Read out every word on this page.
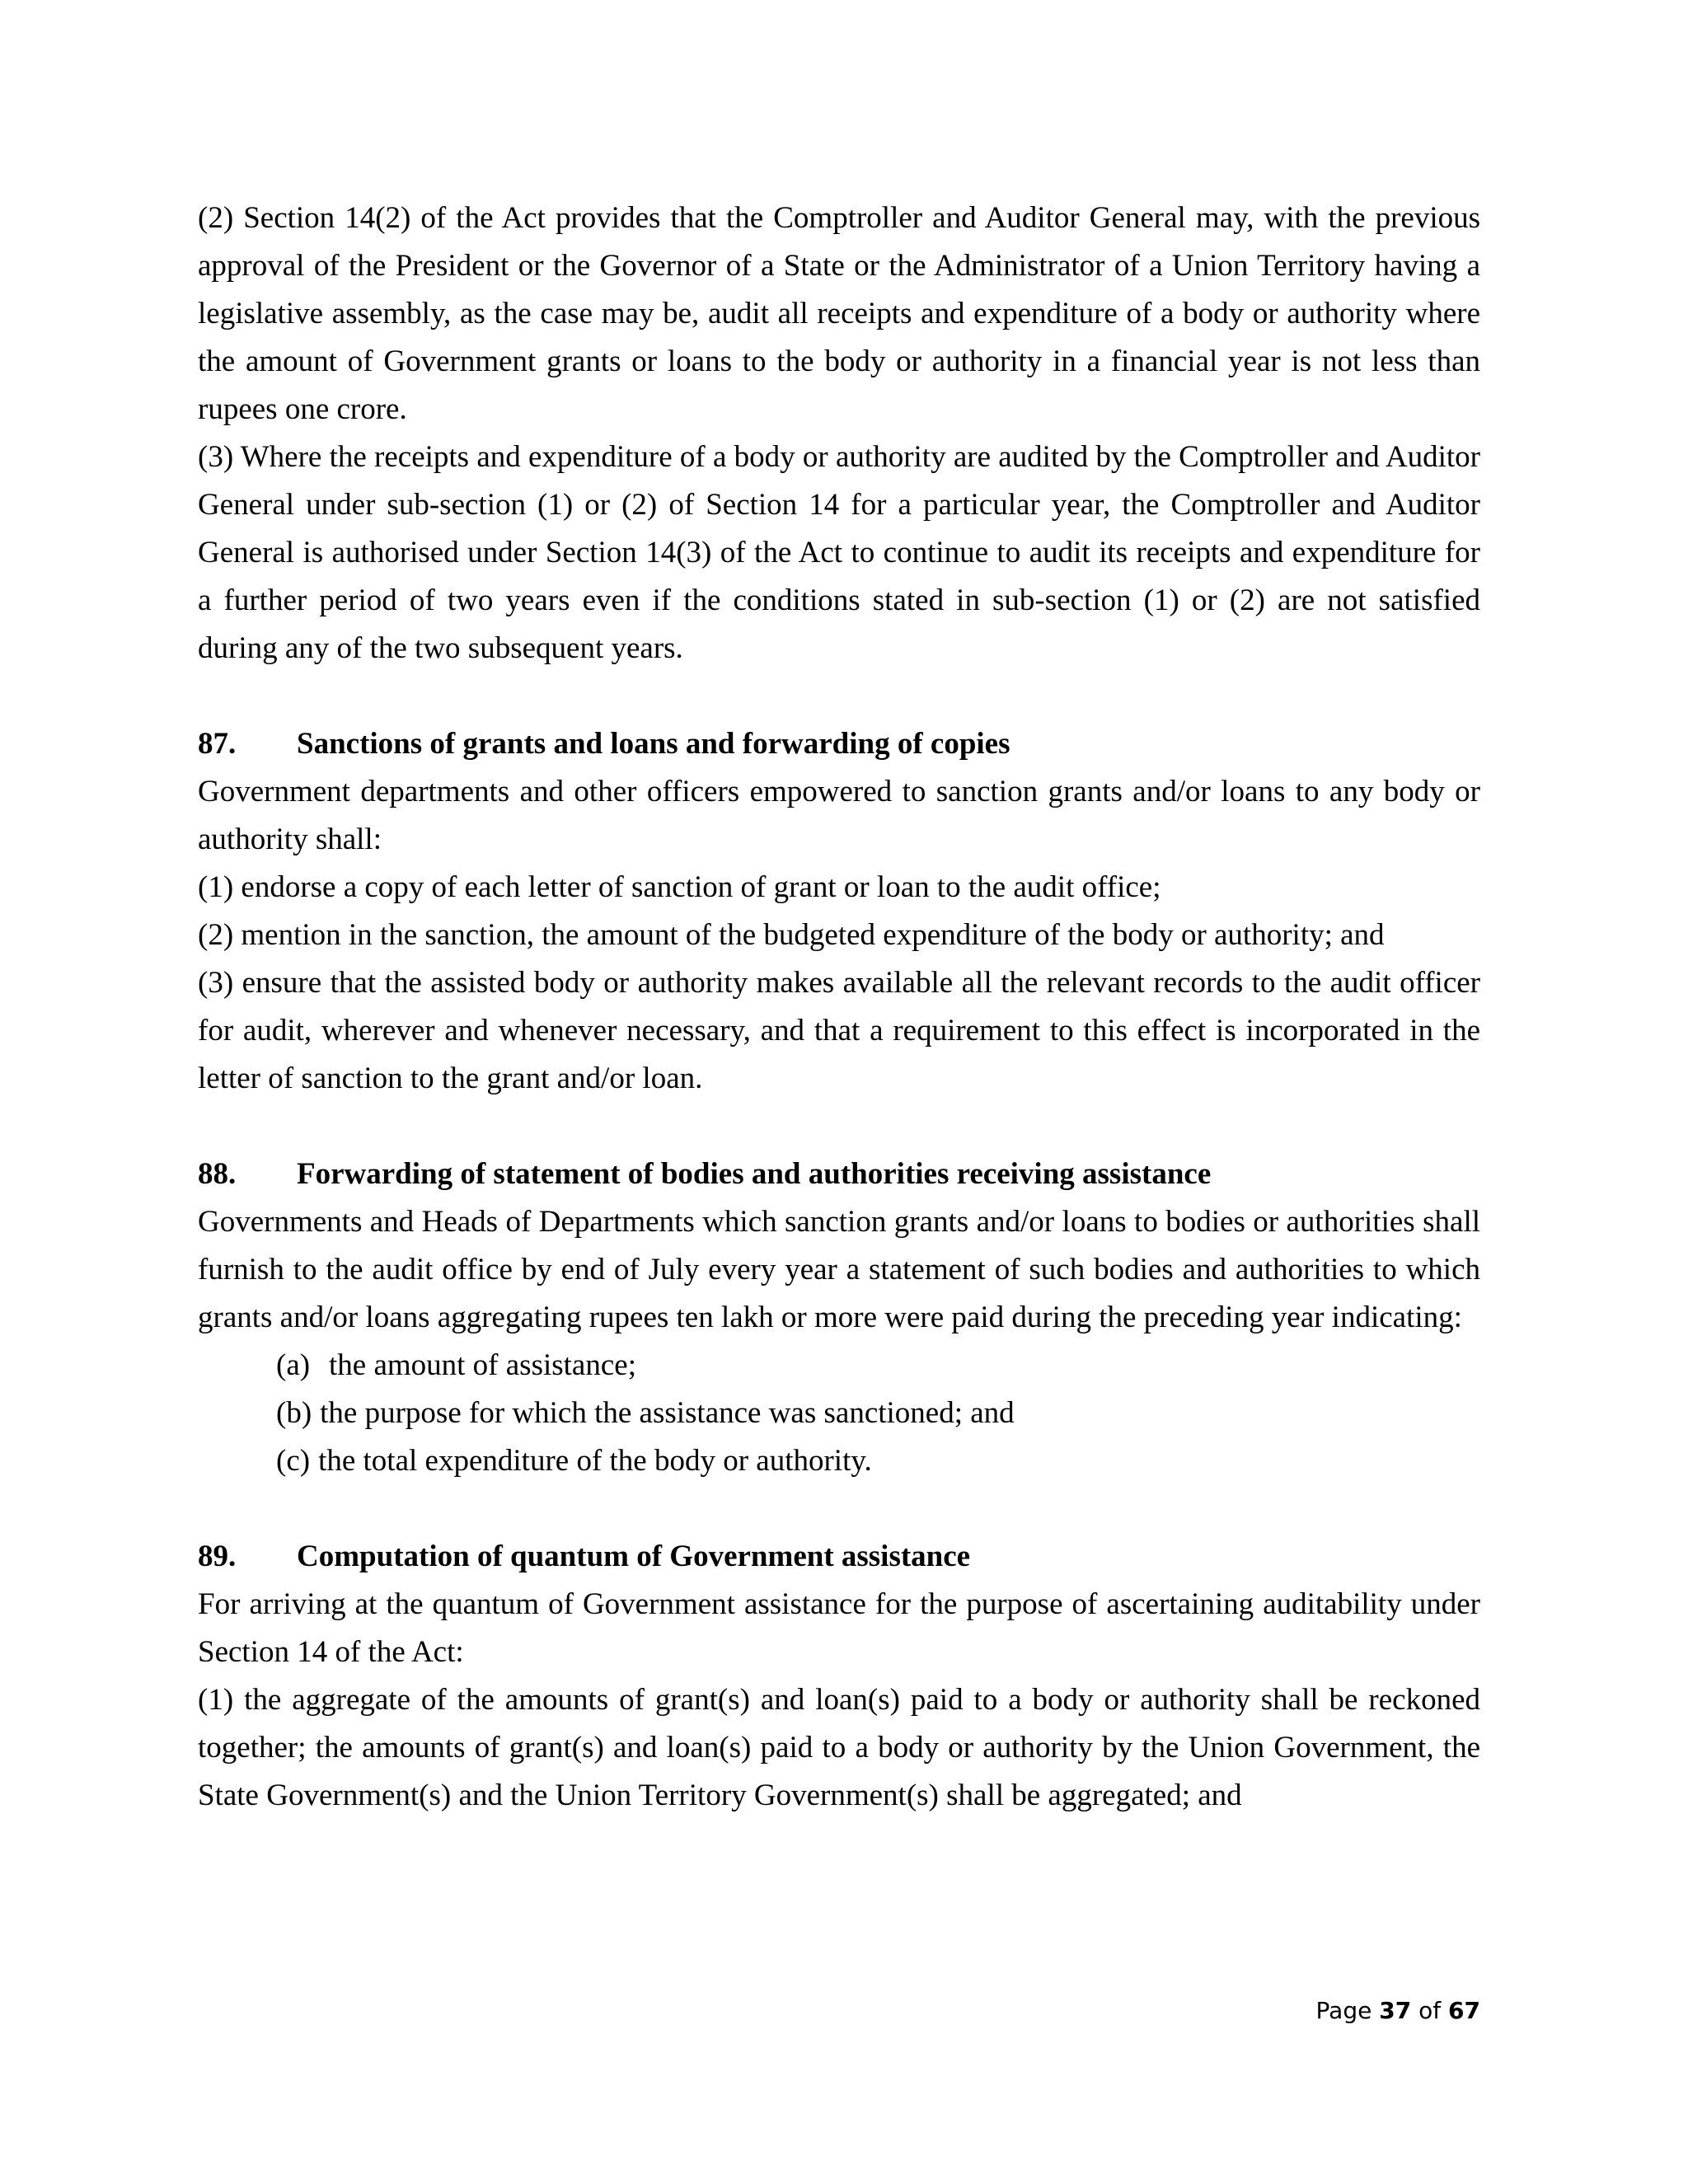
(2) Section 14(2) of the Act provides that the Comptroller and Auditor General may, with the previous approval of the President or the Governor of a State or the Administrator of a Union Territory having a legislative assembly, as the case may be, audit all receipts and expenditure of a body or authority where the amount of Government grants or loans to the body or authority in a financial year is not less than rupees one crore.

(3) Where the receipts and expenditure of a body or authority are audited by the Comptroller and Auditor General under sub-section (1) or (2) of Section 14 for a particular year, the Comptroller and Auditor General is authorised under Section 14(3) of the Act to continue to audit its receipts and expenditure for a further period of two years even if the conditions stated in sub-section (1) or (2) are not satisfied during any of the two subsequent years.

87.	Sanctions of grants and loans and forwarding of copies

Government departments and other officers empowered to sanction grants and/or loans to any body or authority shall:

(1) endorse a copy of each letter of sanction of grant or loan to the audit office;

(2) mention in the sanction, the amount of the budgeted expenditure of the body or authority; and

(3) ensure that the assisted body or authority makes available all the relevant records to the audit officer for audit, wherever and whenever necessary, and that a requirement to this effect is incorporated in the letter of sanction to the grant and/or loan.

88.	Forwarding of statement of bodies and authorities receiving assistance

Governments and Heads of Departments which sanction grants and/or loans to bodies or authorities shall furnish to the audit office by end of July every year a statement of such bodies and authorities to which grants and/or loans aggregating rupees ten lakh or more were paid during the preceding year indicating:

(a) the amount of assistance;

(b) the purpose for which the assistance was sanctioned; and

(c) the total expenditure of the body or authority.

89.	Computation of quantum of Government assistance

For arriving at the quantum of Government assistance for the purpose of ascertaining auditability under Section 14 of the Act:

(1) the aggregate of the amounts of grant(s) and loan(s) paid to a body or authority shall be reckoned together; the amounts of grant(s) and loan(s) paid to a body or authority by the Union Government, the State Government(s) and the Union Territory Government(s) shall be aggregated; and

Page 37 of 67
